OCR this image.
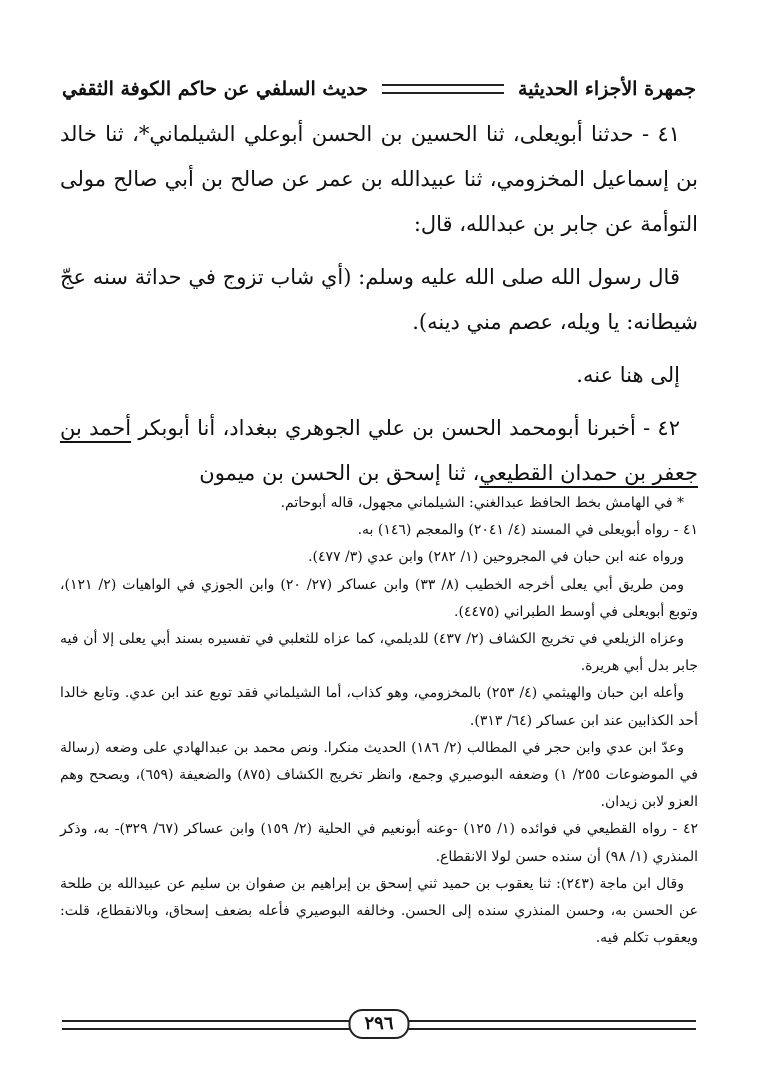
جمهرة الأجزاء الحديثية
حديث السلفي عن حاكم الكوفة الثقفي

٤١ - حدثنا أبويعلى، ثنا الحسين بن الحسن أبوعلي الشيلماني*، ثنا خالد بن إسماعيل المخزومي، ثنا عبيدالله بن عمر عن صالح بن أبي صالح مولى التوأمة عن جابر بن عبدالله، قال:

قال رسول الله صلى الله عليه وسلم: (أي شاب تزوج في حداثة سنه عجّ شيطانه: يا ويله، عصم مني دينه).

إلى هنا عنه.

٤٢ - أخبرنا أبومحمد الحسن بن علي الجوهري ببغداد، أنا أبوبكر أحمد بن جعفر بن حمدان القطيعي، ثنا إسحق بن الحسن بن ميمون

* في الهامش بخط الحافظ عبدالغني: الشيلماني مجهول، قاله أبوحاتم.

٤١ - رواه أبويعلى في المسند (٤/ ٢٠٤١) والمعجم (١٤٦) به.

ورواه عنه ابن حبان في المجروحين (١/ ٢٨٢) وابن عدي (٣/ ٤٧٧).

ومن طريق أبي يعلى أخرجه الخطيب (٨/ ٣٣) وابن عساكر (٢٧/ ٢٠) وابن الجوزي في الواهيات (٢/ ١٢١)، وتوبع أبويعلى في أوسط الطبراني (٤٤٧٥).

وعزاه الزيلعي في تخريج الكشاف (٢/ ٤٣٧) للديلمي، كما عزاه للثعلبي في تفسيره بسند أبي يعلى إلا أن فيه جابر بدل أبي هريرة.

وأعله ابن حبان والهيثمي (٤/ ٢٥٣) بالمخزومي، وهو كذاب، أما الشيلماني فقد توبع عند ابن عدي. وتابع خالدا أحد الكذابين عند ابن عساكر (٦٤/ ٣١٣).

وعدّ ابن عدي وابن حجر في المطالب (٢/ ١٨٦) الحديث منكرا. ونص محمد بن عبدالهادي على وضعه (رسالة في الموضوعات ٢٥٥/ ١) وضعفه البوصيري وجمع، وانظر تخريج الكشاف (٨٧٥) والضعيفة (٦٥٩)، ويصحح وهم العزو لابن زيدان.

٤٢ - رواه القطيعي في فوائده (١/ ١٢٥) -وعنه أبونعيم في الحلية (٢/ ١٥٩) وابن عساكر (٦٧/ ٣٢٩)- به، وذكر المنذري (١/ ٩٨) أن سنده حسن لولا الانقطاع.

وقال ابن ماجة (٢٤٣): ثنا يعقوب بن حميد ثني إسحق بن إبراهيم بن صفوان بن سليم عن عبيدالله بن طلحة عن الحسن به، وحسن المنذري سنده إلى الحسن. وخالفه البوصيري فأعله بضعف إسحاق، وبالانقطاع، قلت: ويعقوب تكلم فيه.

٢٩٦
